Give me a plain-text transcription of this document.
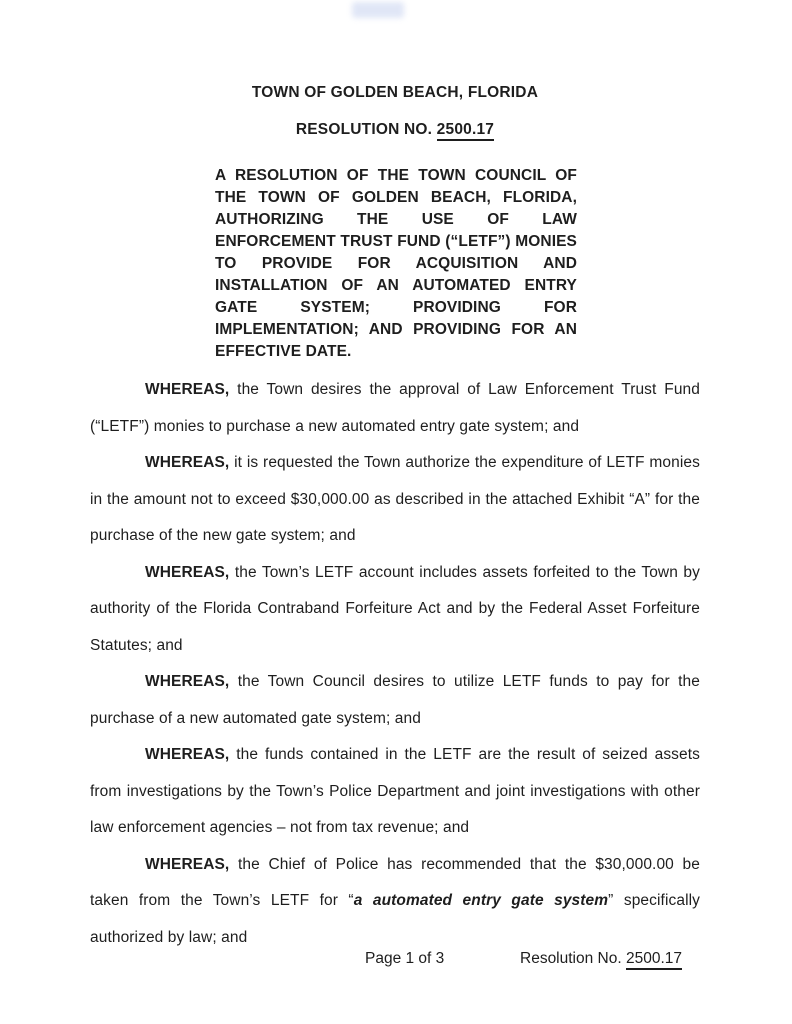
TOWN OF GOLDEN BEACH, FLORIDA
RESOLUTION NO. 2500.17
A RESOLUTION OF THE TOWN COUNCIL OF THE TOWN OF GOLDEN BEACH, FLORIDA, AUTHORIZING THE USE OF LAW ENFORCEMENT TRUST FUND (“LETF”) MONIES TO PROVIDE FOR ACQUISITION AND INSTALLATION OF AN AUTOMATED ENTRY GATE SYSTEM; PROVIDING FOR IMPLEMENTATION; AND PROVIDING FOR AN EFFECTIVE DATE.

WHEREAS, the Town desires the approval of Law Enforcement Trust Fund (“LETF”) monies to purchase a new automated entry gate system; and

WHEREAS, it is requested the Town authorize the expenditure of LETF monies in the amount not to exceed $30,000.00 as described in the attached Exhibit “A” for the purchase of the new gate system; and

WHEREAS, the Town’s LETF account includes assets forfeited to the Town by authority of the Florida Contraband Forfeiture Act and by the Federal Asset Forfeiture Statutes; and

WHEREAS, the Town Council desires to utilize LETF funds to pay for the purchase of a new automated gate system; and

WHEREAS, the funds contained in the LETF are the result of seized assets from investigations by the Town’s Police Department and joint investigations with other law enforcement agencies – not from tax revenue; and

WHEREAS, the Chief of Police has recommended that the $30,000.00 be taken from the Town’s LETF for “a automated entry gate system” specifically authorized by law; and

Page 1 of 3	Resolution No. 2500.17
